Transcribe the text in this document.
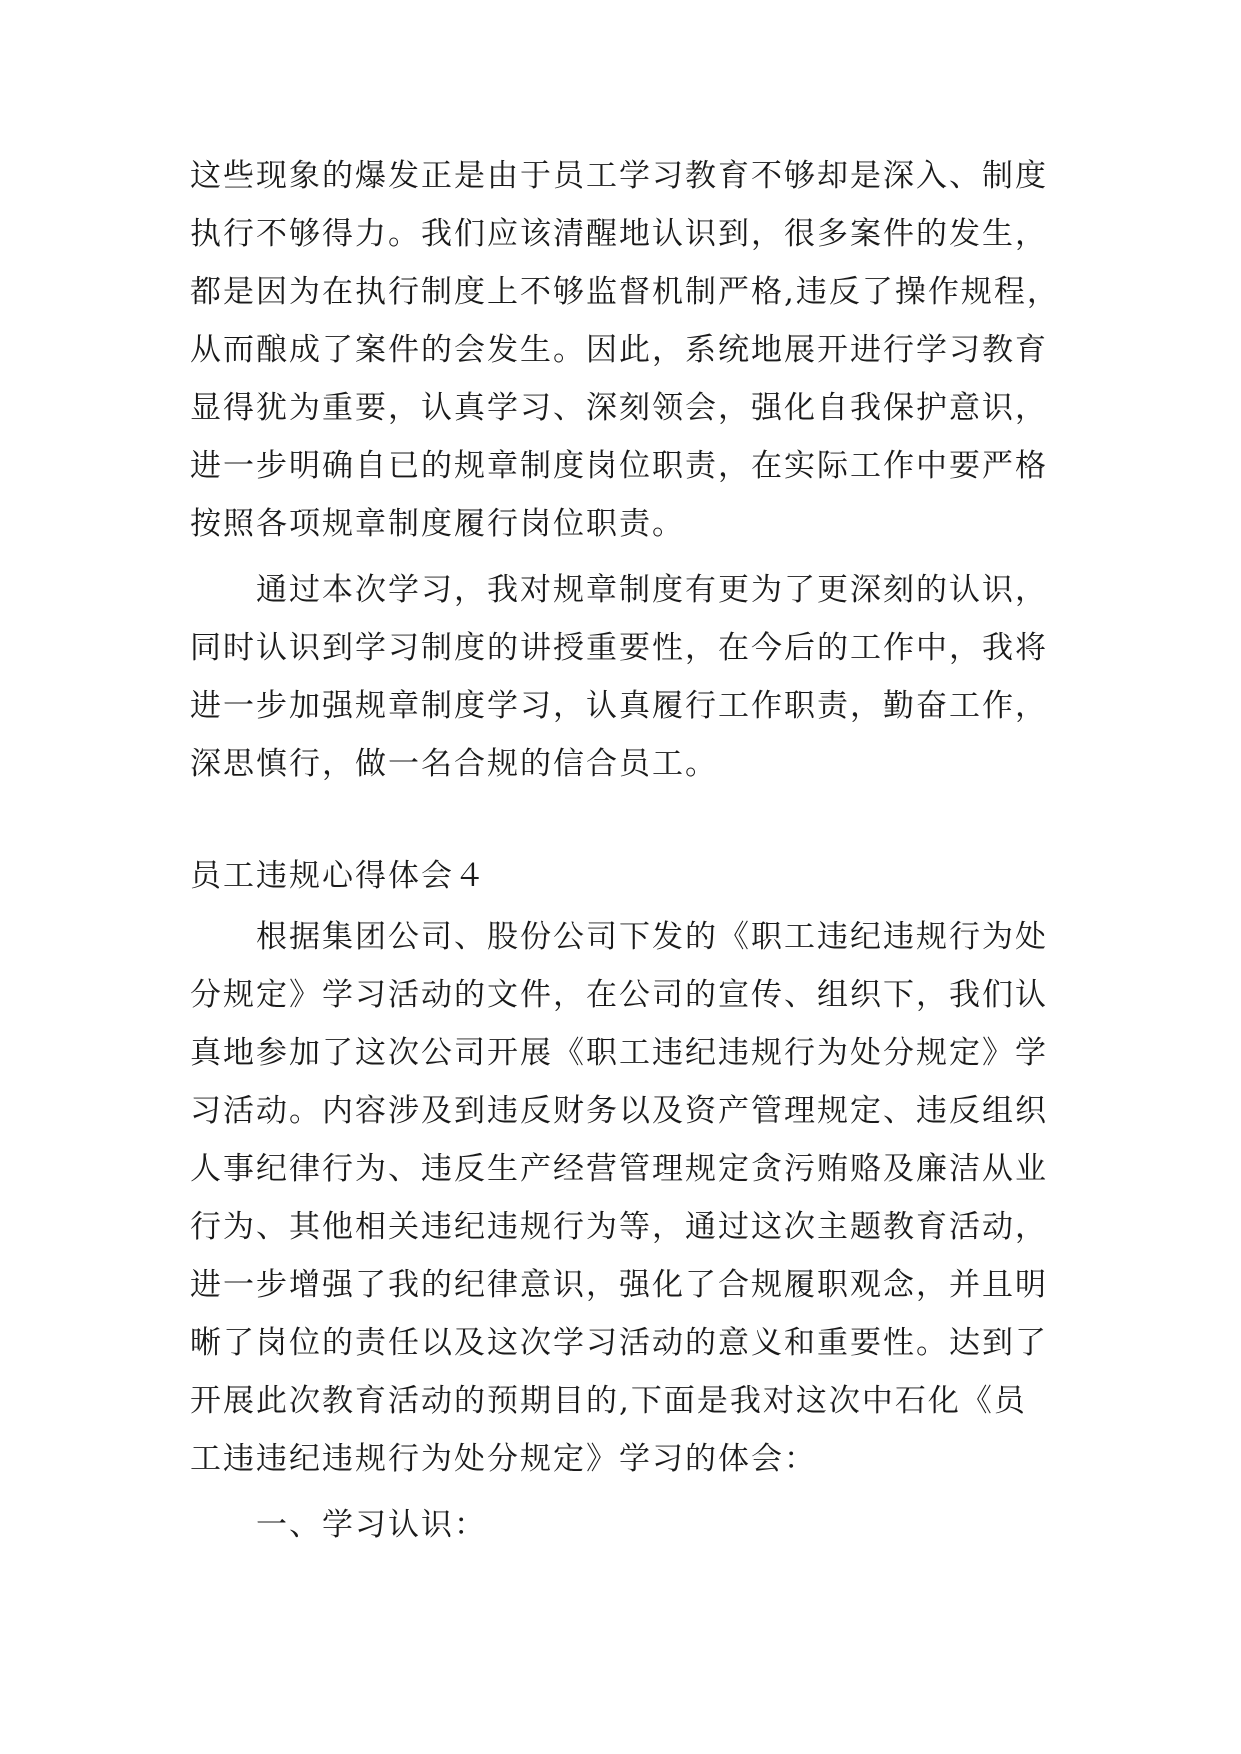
这些现象的爆发正是由于员工学习教育不够却是深入、制度
执行不够得力。我们应该清醒地认识到，很多案件的发生，
都是因为在执行制度上不够监督机制严格,违反了操作规程，
从而酿成了案件的会发生。因此，系统地展开进行学习教育
显得犹为重要，认真学习、深刻领会，强化自我保护意识，
进一步明确自已的规章制度岗位职责，在实际工作中要严格
按照各项规章制度履行岗位职责。
通过本次学习，我对规章制度有更为了更深刻的认识，
同时认识到学习制度的讲授重要性，在今后的工作中，我将
进一步加强规章制度学习，认真履行工作职责，勤奋工作，
深思慎行，做一名合规的信合员工。
员工违规心得体会４
根据集团公司、股份公司下发的《职工违纪违规行为处
分规定》学习活动的文件，在公司的宣传、组织下，我们认
真地参加了这次公司开展《职工违纪违规行为处分规定》学
习活动。内容涉及到违反财务以及资产管理规定、违反组织
人事纪律行为、违反生产经营管理规定贪污贿赂及廉洁从业
行为、其他相关违纪违规行为等，通过这次主题教育活动，
进一步增强了我的纪律意识，强化了合规履职观念，并且明
晰了岗位的责任以及这次学习活动的意义和重要性。达到了
开展此次教育活动的预期目的,下面是我对这次中石化《员
工违违纪违规行为处分规定》学习的体会：
一、学习认识：
